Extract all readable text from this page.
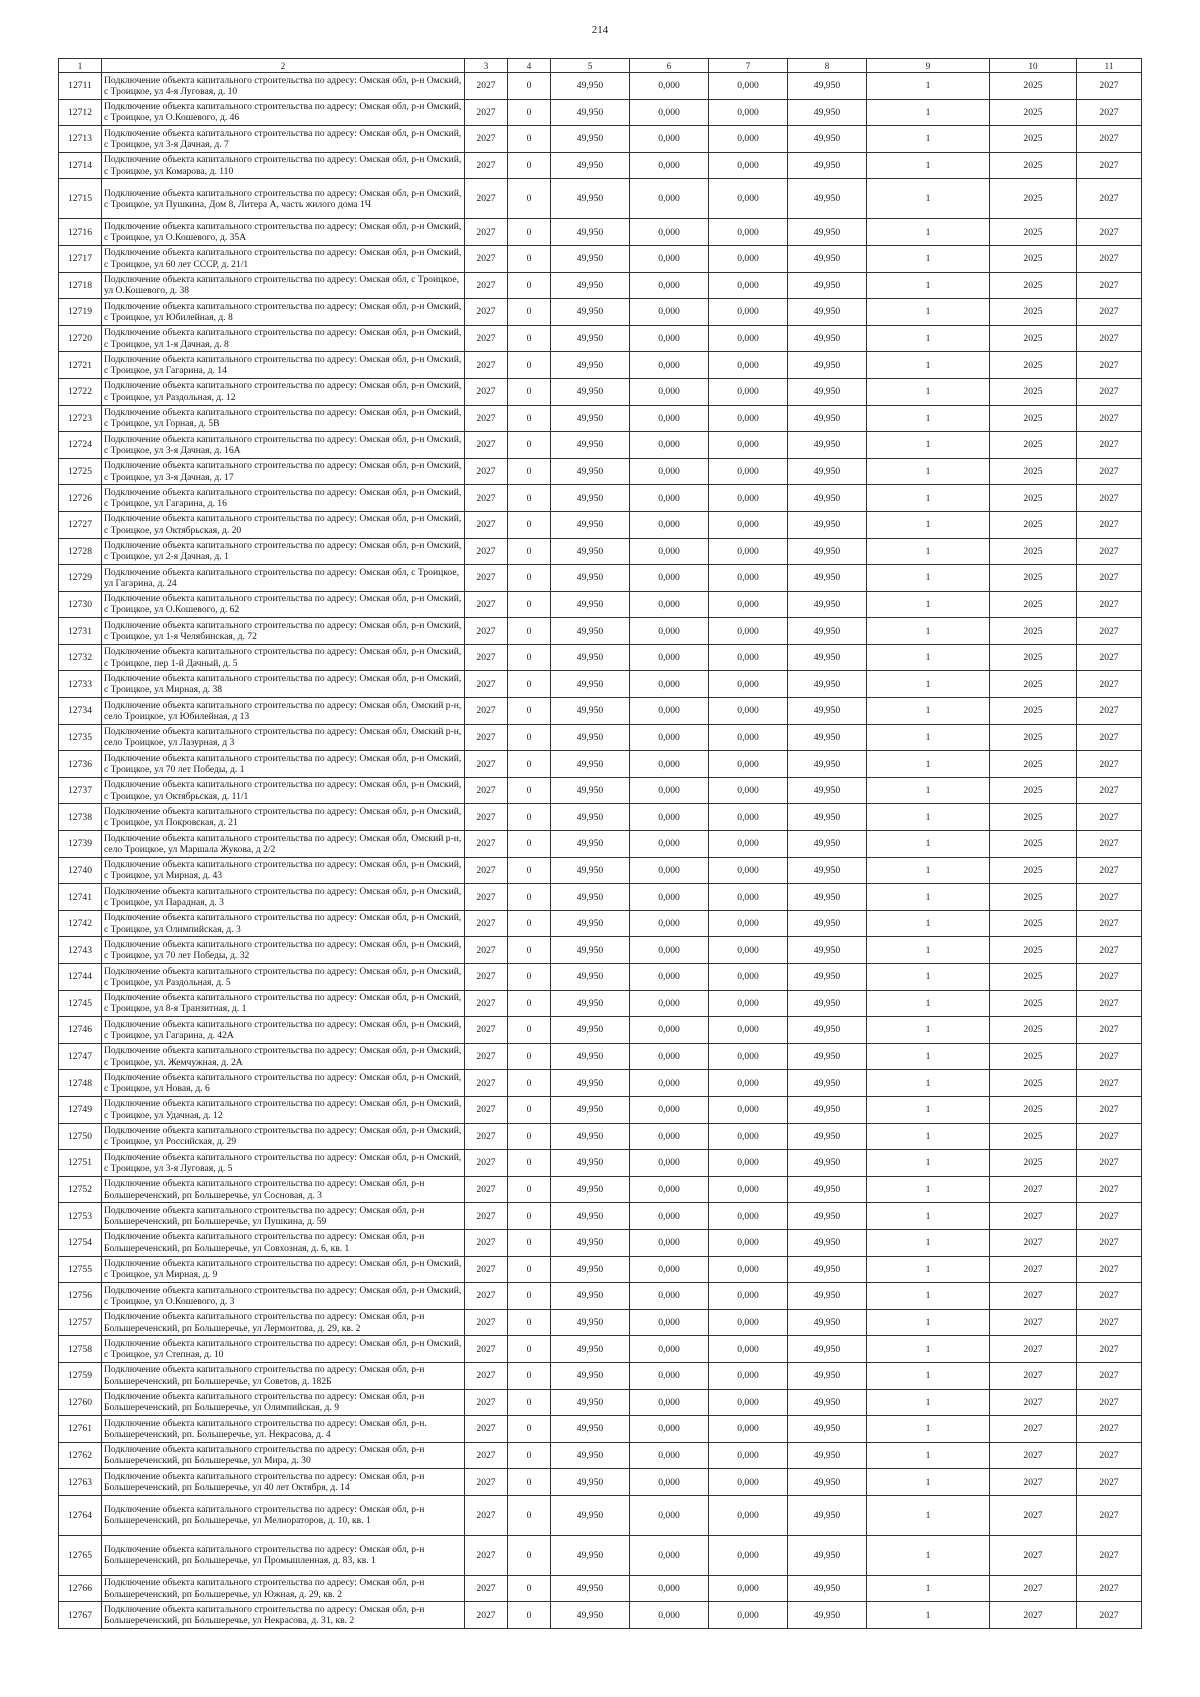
214
1	2	3	4	5	6	7	8	9	10	11
12711	Подключение объекта капитального строительства по адресу: Омская обл, р-н Омский, с Троицкое, ул 4-я Луговая, д. 10	2027	0	49,950	0,000	0,000	49,950	1	2025	2027
12712	Подключение объекта капитального строительства по адресу: Омская обл, р-н Омский, с Троицкое, ул О.Кошевого, д. 46	2027	0	49,950	0,000	0,000	49,950	1	2025	2027
12713	Подключение объекта капитального строительства по адресу: Омская обл, р-н Омский, с Троицкое, ул 3-я Дачная, д. 7	2027	0	49,950	0,000	0,000	49,950	1	2025	2027
12714	Подключение объекта капитального строительства по адресу: Омская обл, р-н Омский, с Троицкое, ул Комарова, д. 110	2027	0	49,950	0,000	0,000	49,950	1	2025	2027
12715	Подключение объекта капитального строительства по адресу: Омская обл, р-н Омский, с Троицкое, ул Пушкина, Дом 8, Литера А, часть жилого дома 1Ч	2027	0	49,950	0,000	0,000	49,950	1	2025	2027
12716	Подключение объекта капитального строительства по адресу: Омская обл, р-н Омский, с Троицкое, ул О.Кошевого, д. 35А	2027	0	49,950	0,000	0,000	49,950	1	2025	2027
12717	Подключение объекта капитального строительства по адресу: Омская обл, р-н Омский, с Троицкое, ул 60 лет СССР, д. 21/1	2027	0	49,950	0,000	0,000	49,950	1	2025	2027
12718	Подключение объекта капитального строительства по адресу: Омская обл, с Троицкое, ул О.Кошевого, д. 38	2027	0	49,950	0,000	0,000	49,950	1	2025	2027
12719	Подключение объекта капитального строительства по адресу: Омская обл, р-н Омский, с Троицкое, ул Юбилейная, д. 8	2027	0	49,950	0,000	0,000	49,950	1	2025	2027
12720	Подключение объекта капитального строительства по адресу: Омская обл, р-н Омский, с Троицкое, ул 1-я Дачная, д. 8	2027	0	49,950	0,000	0,000	49,950	1	2025	2027
12721	Подключение объекта капитального строительства по адресу: Омская обл, р-н Омский, с Троицкое, ул Гагарина, д. 14	2027	0	49,950	0,000	0,000	49,950	1	2025	2027
12722	Подключение объекта капитального строительства по адресу: Омская обл, р-н Омский, с Троицкое, ул Раздольная, д. 12	2027	0	49,950	0,000	0,000	49,950	1	2025	2027
12723	Подключение объекта капитального строительства по адресу: Омская обл, р-н Омский, с Троицкое, ул Горная, д. 5В	2027	0	49,950	0,000	0,000	49,950	1	2025	2027
12724	Подключение объекта капитального строительства по адресу: Омская обл, р-н Омский, с Троицкое, ул 3-я Дачная, д. 16А	2027	0	49,950	0,000	0,000	49,950	1	2025	2027
12725	Подключение объекта капитального строительства по адресу: Омская обл, р-н Омский, с Троицкое, ул 3-я Дачная, д. 17	2027	0	49,950	0,000	0,000	49,950	1	2025	2027
12726	Подключение объекта капитального строительства по адресу: Омская обл, р-н Омский, с Троицкое, ул Гагарина, д. 16	2027	0	49,950	0,000	0,000	49,950	1	2025	2027
12727	Подключение объекта капитального строительства по адресу: Омская обл, р-н Омский, с Троицкое, ул Октябрьская, д. 20	2027	0	49,950	0,000	0,000	49,950	1	2025	2027
12728	Подключение объекта капитального строительства по адресу: Омская обл, р-н Омский, с Троицкое, ул 2-я Дачная, д. 1	2027	0	49,950	0,000	0,000	49,950	1	2025	2027
12729	Подключение объекта капитального строительства по адресу: Омская обл, с Троицкое, ул Гагарина, д. 24	2027	0	49,950	0,000	0,000	49,950	1	2025	2027
12730	Подключение объекта капитального строительства по адресу: Омская обл, р-н Омский, с Троицкое, ул О.Кошевого, д. 62	2027	0	49,950	0,000	0,000	49,950	1	2025	2027
12731	Подключение объекта капитального строительства по адресу: Омская обл, р-н Омский, с Троицкое, ул 1-я Челябинская, д. 72	2027	0	49,950	0,000	0,000	49,950	1	2025	2027
12732	Подключение объекта капитального строительства по адресу: Омская обл, р-н Омский, с Троицкое, пер 1-й Дачный, д. 5	2027	0	49,950	0,000	0,000	49,950	1	2025	2027
12733	Подключение объекта капитального строительства по адресу: Омская обл, р-н Омский, с Троицкое, ул Мирная, д. 38	2027	0	49,950	0,000	0,000	49,950	1	2025	2027
12734	Подключение объекта капитального строительства по адресу: Омская обл, Омский р-н, село Троицкое, ул Юбилейная, д 13	2027	0	49,950	0,000	0,000	49,950	1	2025	2027
12735	Подключение объекта капитального строительства по адресу: Омская обл, Омский р-н, село Троицкое, ул Лазурная, д 3	2027	0	49,950	0,000	0,000	49,950	1	2025	2027
12736	Подключение объекта капитального строительства по адресу: Омская обл, р-н Омский, с Троицкое, ул 70 лет Победы, д. 1	2027	0	49,950	0,000	0,000	49,950	1	2025	2027
12737	Подключение объекта капитального строительства по адресу: Омская обл, р-н Омский, с Троицкое, ул Октябрьская, д. 11/1	2027	0	49,950	0,000	0,000	49,950	1	2025	2027
12738	Подключение объекта капитального строительства по адресу: Омская обл, р-н Омский, с Троицкое, ул Покровская, д. 21	2027	0	49,950	0,000	0,000	49,950	1	2025	2027
12739	Подключение объекта капитального строительства по адресу: Омская обл, Омский р-н, село Троицкое, ул Маршала Жукова, д 2/2	2027	0	49,950	0,000	0,000	49,950	1	2025	2027
12740	Подключение объекта капитального строительства по адресу: Омская обл, р-н Омский, с Троицкое, ул Мирная, д. 43	2027	0	49,950	0,000	0,000	49,950	1	2025	2027
12741	Подключение объекта капитального строительства по адресу: Омская обл, р-н Омский, с Троицкое, ул Парадная, д. 3	2027	0	49,950	0,000	0,000	49,950	1	2025	2027
12742	Подключение объекта капитального строительства по адресу: Омская обл, р-н Омский, с Троицкое, ул Олимпийская, д. 3	2027	0	49,950	0,000	0,000	49,950	1	2025	2027
12743	Подключение объекта капитального строительства по адресу: Омская обл, р-н Омский, с Троицкое, ул 70 лет Победы, д. 32	2027	0	49,950	0,000	0,000	49,950	1	2025	2027
12744	Подключение объекта капитального строительства по адресу: Омская обл, р-н Омский, с Троицкое, ул Раздольная, д. 5	2027	0	49,950	0,000	0,000	49,950	1	2025	2027
12745	Подключение объекта капитального строительства по адресу: Омская обл, р-н Омский, с Троицкое, ул 8-я Транзитная, д. 1	2027	0	49,950	0,000	0,000	49,950	1	2025	2027
12746	Подключение объекта капитального строительства по адресу: Омская обл, р-н Омский, с Троицкое, ул Гагарина, д. 42А	2027	0	49,950	0,000	0,000	49,950	1	2025	2027
12747	Подключение объекта капитального строительства по адресу: Омская обл, р-н Омский, с Троицкое, ул. Жемчужная, д. 2А	2027	0	49,950	0,000	0,000	49,950	1	2025	2027
12748	Подключение объекта капитального строительства по адресу: Омская обл, р-н Омский, с Троицкое, ул Новая, д. 6	2027	0	49,950	0,000	0,000	49,950	1	2025	2027
12749	Подключение объекта капитального строительства по адресу: Омская обл, р-н Омский, с Троицкое, ул Удачная, д. 12	2027	0	49,950	0,000	0,000	49,950	1	2025	2027
12750	Подключение объекта капитального строительства по адресу: Омская обл, р-н Омский, с Троицкое, ул Российская, д. 29	2027	0	49,950	0,000	0,000	49,950	1	2025	2027
12751	Подключение объекта капитального строительства по адресу: Омская обл, р-н Омский, с Троицкое, ул 3-я Луговая, д. 5	2027	0	49,950	0,000	0,000	49,950	1	2025	2027
12752	Подключение объекта капитального строительства по адресу: Омская обл, р-н Большереченский, рп Большеречье, ул Сосновая, д. 3	2027	0	49,950	0,000	0,000	49,950	1	2027	2027
12753	Подключение объекта капитального строительства по адресу: Омская обл, р-н Большереченский, рп Большеречье, ул Пушкина, д. 59	2027	0	49,950	0,000	0,000	49,950	1	2027	2027
12754	Подключение объекта капитального строительства по адресу: Омская обл, р-н Большереченский, рп Большеречье, ул Совхозная, д. 6, кв. 1	2027	0	49,950	0,000	0,000	49,950	1	2027	2027
12755	Подключение объекта капитального строительства по адресу: Омская обл, р-н Омский, с Троицкое, ул Мирная, д. 9	2027	0	49,950	0,000	0,000	49,950	1	2027	2027
12756	Подключение объекта капитального строительства по адресу: Омская обл, р-н Омский, с Троицкое, ул О.Кошевого, д. 3	2027	0	49,950	0,000	0,000	49,950	1	2027	2027
12757	Подключение объекта капитального строительства по адресу: Омская обл, р-н Большереченский, рп Большеречье, ул Лермонтова, д. 29, кв. 2	2027	0	49,950	0,000	0,000	49,950	1	2027	2027
12758	Подключение объекта капитального строительства по адресу: Омская обл, р-н Омский, с Троицкое, ул Степная, д. 10	2027	0	49,950	0,000	0,000	49,950	1	2027	2027
12759	Подключение объекта капитального строительства по адресу: Омская обл, р-н Большереченский, рп Большеречье, ул Советов, д. 182Б	2027	0	49,950	0,000	0,000	49,950	1	2027	2027
12760	Подключение объекта капитального строительства по адресу: Омская обл, р-н Большереченский, рп Большеречье, ул Олимпийская, д. 9	2027	0	49,950	0,000	0,000	49,950	1	2027	2027
12761	Подключение объекта капитального строительства по адресу: Омская обл, р-н. Большереченский, рп. Большеречье, ул. Некрасова, д. 4	2027	0	49,950	0,000	0,000	49,950	1	2027	2027
12762	Подключение объекта капитального строительства по адресу: Омская обл, р-н Большереченский, рп Большеречье, ул Мира, д. 30	2027	0	49,950	0,000	0,000	49,950	1	2027	2027
12763	Подключение объекта капитального строительства по адресу: Омская обл, р-н Большереченский, рп Большеречье, ул 40 лет Октября, д. 14	2027	0	49,950	0,000	0,000	49,950	1	2027	2027
12764	Подключение объекта капитального строительства по адресу: Омская обл, р-н Большереченский, рп Большеречье, ул Мелиораторов, д. 10, кв. 1	2027	0	49,950	0,000	0,000	49,950	1	2027	2027
12765	Подключение объекта капитального строительства по адресу: Омская обл, р-н Большереченский, рп Большеречье, ул Промышленная, д. 83, кв. 1	2027	0	49,950	0,000	0,000	49,950	1	2027	2027
12766	Подключение объекта капитального строительства по адресу: Омская обл, р-н Большереченский, рп Большеречье, ул Южная, д. 29, кв. 2	2027	0	49,950	0,000	0,000	49,950	1	2027	2027
12767	Подключение объекта капитального строительства по адресу: Омская обл, р-н Большереченский, рп Большеречье, ул Некрасова, д. 31, кв. 2	2027	0	49,950	0,000	0,000	49,950	1	2027	2027
